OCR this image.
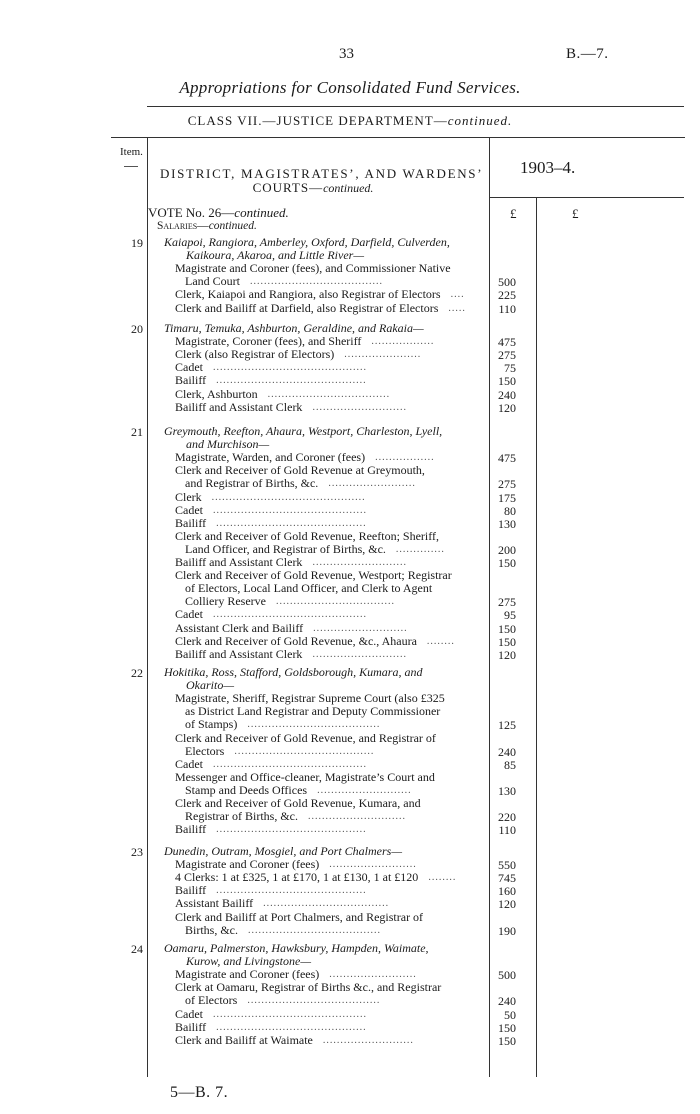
33	B.—7.
Appropriations for Consolidated Fund Services.
CLASS VII.—JUSTICE DEPARTMENT—continued.
Item.
DISTRICT, MAGISTRATES’, AND WARDENS’
COURTS—continued.
1903–4.
£	£
VOTE No. 26—continued.
Salaries—continued.
19 Kaiapoi, Rangiora, Amberley, Oxford, Darfield, Culverden,
Kaikoura, Akaroa, and Little River—
Magistrate and Coroner (fees), and Commissioner Native
Land Court ......................................	500
Clerk, Kaiapoi and Rangiora, also Registrar of Electors ....	225
Clerk and Bailiff at Darfield, also Registrar of Electors .....	110
20 Timaru, Temuka, Ashburton, Geraldine, and Rakaia—
Magistrate, Coroner (fees), and Sheriff ..................	475
Clerk (also Registrar of Electors) ......................	275
Cadet ............................................	75
Bailiff ...........................................	150
Clerk, Ashburton ...................................	240
Bailiff and Assistant Clerk ...........................	120
21 Greymouth, Reefton, Ahaura, Westport, Charleston, Lyell,
and Murchison—
Magistrate, Warden, and Coroner (fees) .................	475
Clerk and Receiver of Gold Revenue at Greymouth,
and Registrar of Births, &c. .........................	275
Clerk ............................................	175
Cadet ............................................	80
Bailiff ...........................................	130
Clerk and Receiver of Gold Revenue, Reefton; Sheriff,
Land Officer, and Registrar of Births, &c. ..............	200
Bailiff and Assistant Clerk ...........................	150
Clerk and Receiver of Gold Revenue, Westport; Registrar
of Electors, Local Land Officer, and Clerk to Agent
Colliery Reserve ..................................	275
Cadet ............................................	95
Assistant Clerk and Bailiff ...........................	150
Clerk and Receiver of Gold Revenue, &c., Ahaura ........	150
Bailiff and Assistant Clerk ...........................	120
22 Hokitika, Ross, Stafford, Goldsborough, Kumara, and
Okarito—
Magistrate, Sheriff, Registrar Supreme Court (also £325
as District Land Registrar and Deputy Commissioner
of Stamps) ......................................	125
Clerk and Receiver of Gold Revenue, and Registrar of
Electors ........................................	240
Cadet ............................................	85
Messenger and Office-cleaner, Magistrate’s Court and
Stamp and Deeds Offices ...........................	130
Clerk and Receiver of Gold Revenue, Kumara, and
Registrar of Births, &c. ............................	220
Bailiff ...........................................	110
23 Dunedin, Outram, Mosgiel, and Port Chalmers—
Magistrate and Coroner (fees) .........................	550
4 Clerks: 1 at £325, 1 at £170, 1 at £130, 1 at £120 ........	745
Bailiff ...........................................	160
Assistant Bailiff ....................................	120
Clerk and Bailiff at Port Chalmers, and Registrar of
Births, &c. ......................................	190
24 Oamaru, Palmerston, Hawksbury, Hampden, Waimate,
Kurow, and Livingstone—
Magistrate and Coroner (fees) .........................	500
Clerk at Oamaru, Registrar of Births &c., and Registrar
of Electors ......................................	240
Cadet ............................................	50
Bailiff ...........................................	150
Clerk and Bailiff at Waimate ..........................	150
5—B. 7.
